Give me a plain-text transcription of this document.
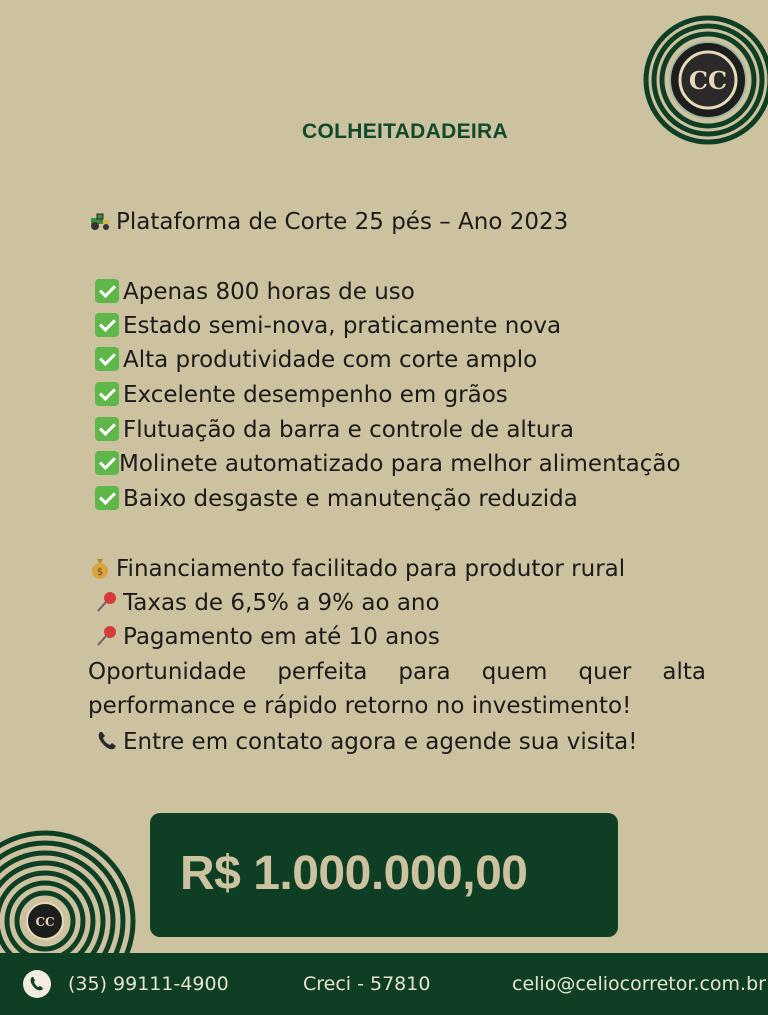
CC
COLHEITADADEIRA
Plataforma de Corte 25 pés – Ano 2023
Apenas 800 horas de uso
Estado semi-nova, praticamente nova
Alta produtividade com corte amplo
Excelente desempenho em grãos
Flutuação da barra e controle de altura
Molinete automatizado para melhor alimentação
Baixo desgaste e manutenção reduzida
$ Financiamento facilitado para produtor rural
Taxas de 6,5% a 9% ao ano
Pagamento em até 10 anos
Oportunidade perfeita para quem quer alta performance e rápido retorno no investimento!
Entre em contato agora e agende sua visita!
R$ 1.000.000,00
CC
(35) 99111-4900	Creci - 57810	celio@celiocorretor.com.br
